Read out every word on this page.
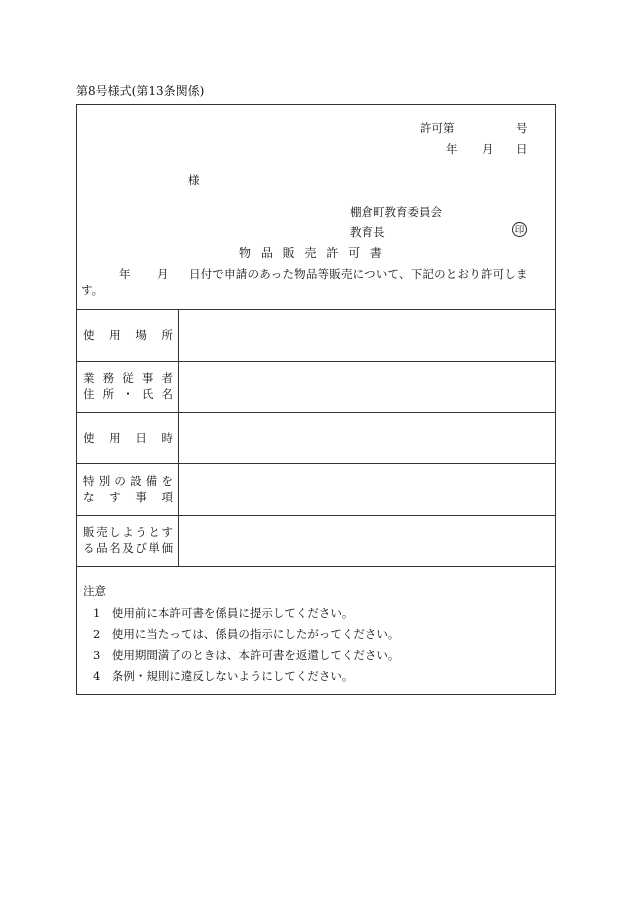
第8号様式(第13条関係)
許可第	号
年 月 日
様
棚倉町教育委員会
教育長	印
物 品 販 売 許 可 書
年 月 日付で申請のあった物品等販売について、下記のとおり許可しま
す。
使用場所
業務従事者
住所・氏名
使用日時
特別の設備を
なす事項
販売しようとす
る品名及び単価
注意
1　使用前に本許可書を係員に提示してください。
2　使用に当たっては、係員の指示にしたがってください。
3　使用期間満了のときは、本許可書を返還してください。
4　条例・規則に違反しないようにしてください。
